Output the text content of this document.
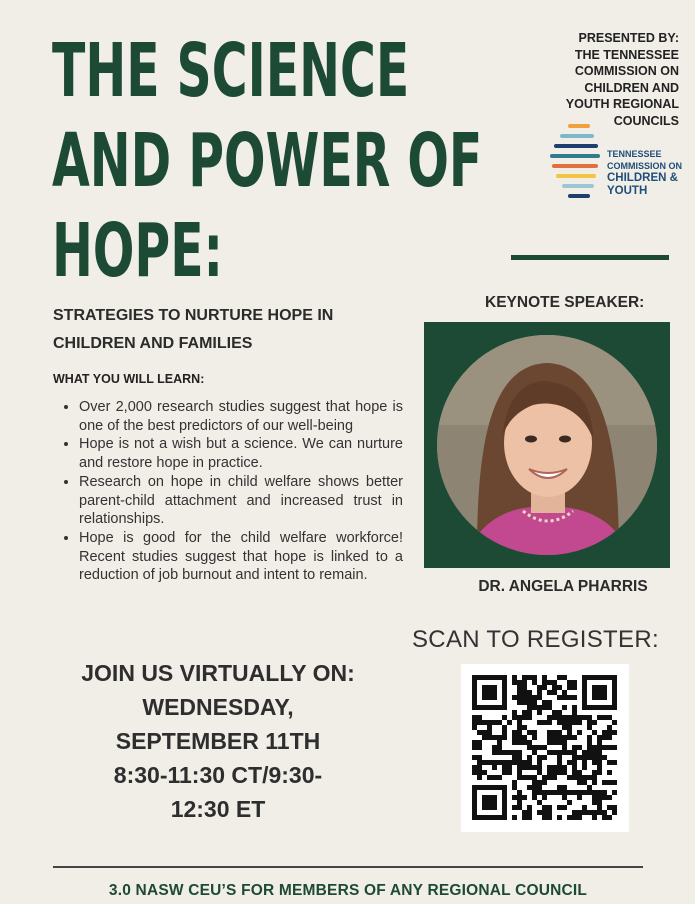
THE SCIENCE
AND POWER OF
HOPE:
PRESENTED BY:
THE TENNESSEE
COMMISSION ON
CHILDREN AND
YOUTH REGIONAL
COUNCILS
TENNESSEE
COMMISSION ON
CHILDREN &
YOUTH
STRATEGIES TO NURTURE HOPE IN CHILDREN AND FAMILIES
WHAT YOU WILL LEARN:
• Over 2,000 research studies suggest that hope is one of the best predictors of our well-being
• Hope is not a wish but a science. We can nurture and restore hope in practice.
• Research on hope in child welfare shows better parent-child attachment and increased trust in relationships.
• Hope is good for the child welfare workforce! Recent studies suggest that hope is linked to a reduction of job burnout and intent to remain.
JOIN US VIRTUALLY ON:
WEDNESDAY,
SEPTEMBER 11TH
8:30-11:30 CT/9:30-
12:30 ET
KEYNOTE SPEAKER:
DR. ANGELA PHARRIS
SCAN TO REGISTER:
3.0 NASW CEU’S FOR MEMBERS OF ANY REGIONAL COUNCIL
